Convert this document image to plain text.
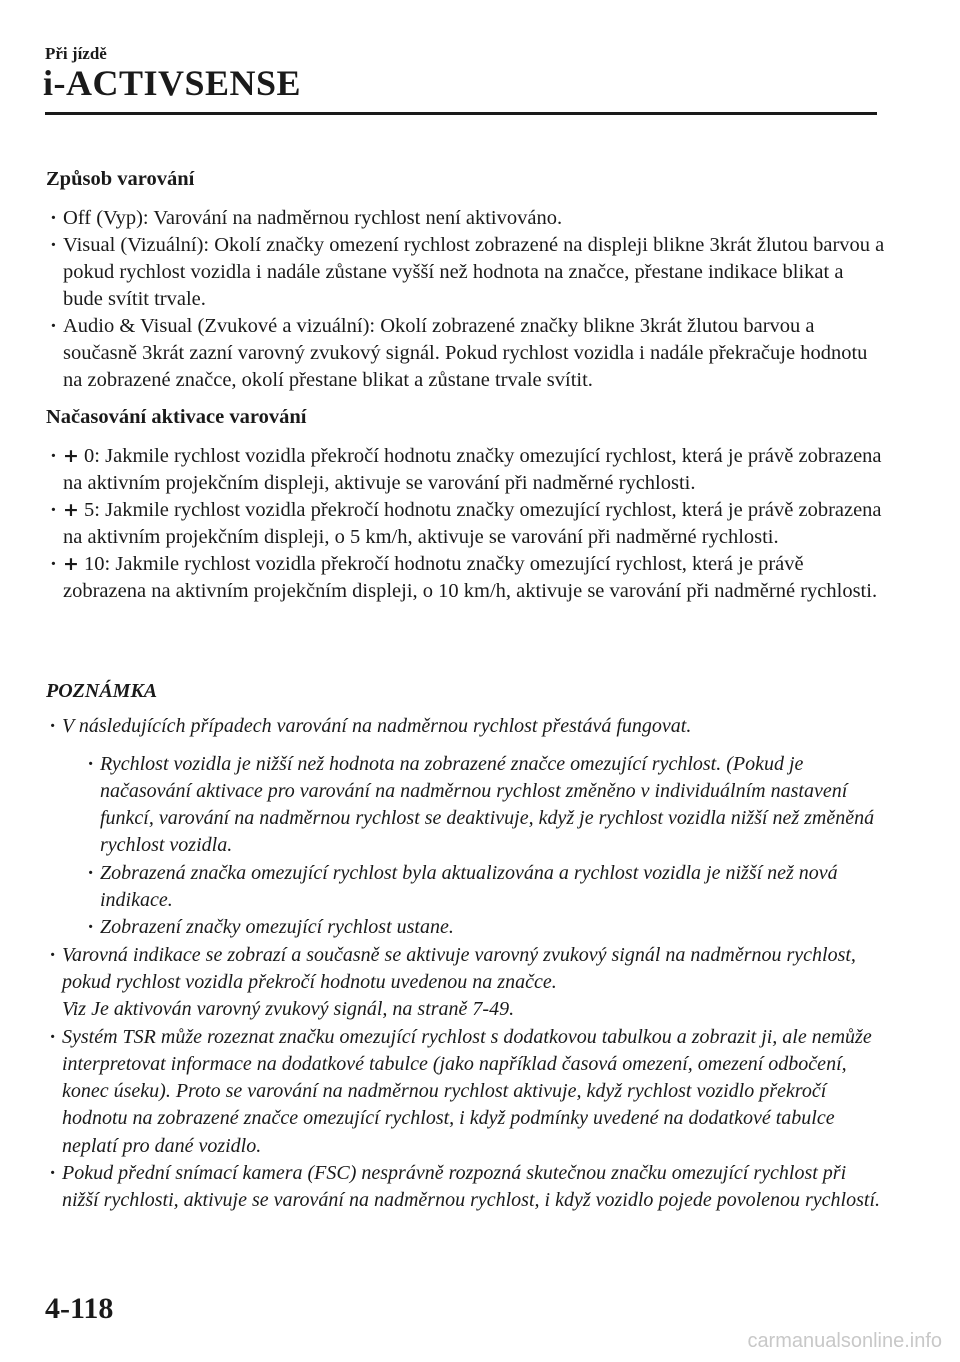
Při jízdě
i-ACTIVSENSE
Způsob varování
· Off (Vyp): Varování na nadměrnou rychlost není aktivováno.
· Visual (Vizuální): Okolí značky omezení rychlost zobrazené na displeji blikne 3krát žlutou barvou a pokud rychlost vozidla i nadále zůstane vyšší než hodnota na značce, přestane indikace blikat a bude svítit trvale.
· Audio & Visual (Zvukové a vizuální): Okolí zobrazené značky blikne 3krát žlutou barvou a současně 3krát zazní varovný zvukový signál. Pokud rychlost vozidla i nadále překračuje hodnotu na zobrazené značce, okolí přestane blikat a zůstane trvale svítit.
Načasování aktivace varování
· + 0: Jakmile rychlost vozidla překročí hodnotu značky omezující rychlost, která je právě zobrazena na aktivním projekčním displeji, aktivuje se varování při nadměrné rychlosti.
· + 5: Jakmile rychlost vozidla překročí hodnotu značky omezující rychlost, která je právě zobrazena na aktivním projekčním displeji, o 5 km/h, aktivuje se varování při nadměrné rychlosti.
· + 10: Jakmile rychlost vozidla překročí hodnotu značky omezující rychlost, která je právě zobrazena na aktivním projekčním displeji, o 10 km/h, aktivuje se varování při nadměrné rychlosti.
POZNÁMKA
· V následujících případech varování na nadměrnou rychlost přestává fungovat.
· Rychlost vozidla je nižší než hodnota na zobrazené značce omezující rychlost. (Pokud je načasování aktivace pro varování na nadměrnou rychlost změněno v individuálním nastavení funkcí, varování na nadměrnou rychlost se deaktivuje, když je rychlost vozidla nižší než změněná rychlost vozidla.
· Zobrazená značka omezující rychlost byla aktualizována a rychlost vozidla je nižší než nová indikace.
· Zobrazení značky omezující rychlost ustane.
· Varovná indikace se zobrazí a současně se aktivuje varovný zvukový signál na nadměrnou rychlost, pokud rychlost vozidla překročí hodnotu uvedenou na značce.
Viz Je aktivován varovný zvukový signál, na straně 7-49.
· Systém TSR může rozeznat značku omezující rychlost s dodatkovou tabulkou a zobrazit ji, ale nemůže interpretovat informace na dodatkové tabulce (jako například časová omezení, omezení odbočení, konec úseku). Proto se varování na nadměrnou rychlost aktivuje, když rychlost vozidlo překročí hodnotu na zobrazené značce omezující rychlost, i když podmínky uvedené na dodatkové tabulce neplatí pro dané vozidlo.
· Pokud přední snímací kamera (FSC) nesprávně rozpozná skutečnou značku omezující rychlost při nižší rychlosti, aktivuje se varování na nadměrnou rychlost, i když vozidlo pojede povolenou rychlostí.
4-118
carmanualsonline.info
